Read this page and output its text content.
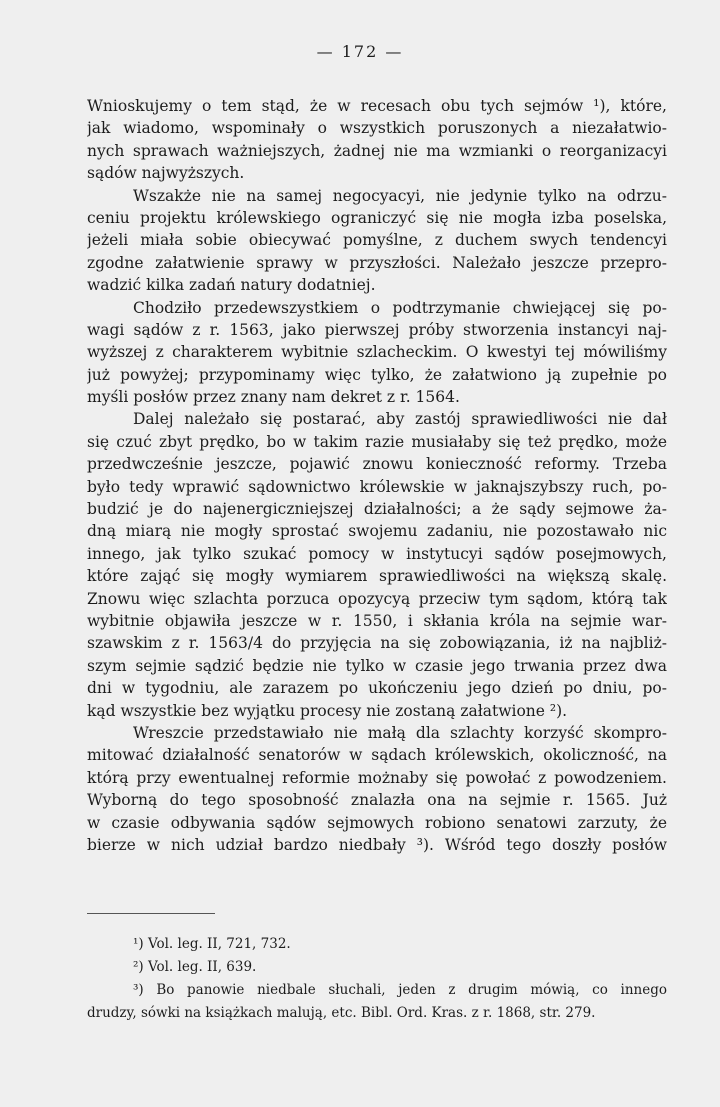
— 172 —
Wnioskujemy o tem stąd, że w recesach obu tych sejmów ¹), które,
jak wiadomo, wspominały o wszystkich poruszonych a niezałatwio-
nych sprawach ważniejszych, żadnej nie ma wzmianki o reorganizacyi
sądów najwyższych.
Wszakże nie na samej negocyacyi, nie jedynie tylko na odrzu-
ceniu projektu królewskiego ograniczyć się nie mogła izba poselska,
jeżeli miała sobie obiecywać pomyślne, z duchem swych tendencyi
zgodne załatwienie sprawy w przyszłości. Należało jeszcze przepro-
wadzić kilka zadań natury dodatniej.
Chodziło przedewszystkiem o podtrzymanie chwiejącej się po-
wagi sądów z r. 1563, jako pierwszej próby stworzenia instancyi naj-
wyższej z charakterem wybitnie szlacheckim. O kwestyi tej mówiliśmy
już powyżej; przypominamy więc tylko, że załatwiono ją zupełnie po
myśli posłów przez znany nam dekret z r. 1564.
Dalej należało się postarać, aby zastój sprawiedliwości nie dał
się czuć zbyt prędko, bo w takim razie musiałaby się też prędko, może
przedwcześnie jeszcze, pojawić znowu konieczność reformy. Trzeba
było tedy wprawić sądownictwo królewskie w jaknajszybszy ruch, po-
budzić je do najenergiczniejszej działalności; a że sądy sejmowe ża-
dną miarą nie mogły sprostać swojemu zadaniu, nie pozostawało nic
innego, jak tylko szukać pomocy w instytucyi sądów posejmowych,
które zająć się mogły wymiarem sprawiedliwości na większą skalę.
Znowu więc szlachta porzuca opozycyą przeciw tym sądom, którą tak
wybitnie objawiła jeszcze w r. 1550, i skłania króla na sejmie war-
szawskim z r. 1563/4 do przyjęcia na się zobowiązania, iż na najbliż-
szym sejmie sądzić będzie nie tylko w czasie jego trwania przez dwa
dni w tygodniu, ale zarazem po ukończeniu jego dzień po dniu, po-
kąd wszystkie bez wyjątku procesy nie zostaną załatwione ²).
Wreszcie przedstawiało nie małą dla szlachty korzyść skompro-
mitować działalność senatorów w sądach królewskich, okoliczność, na
którą przy ewentualnej reformie możnaby się powołać z powodzeniem.
Wyborną do tego sposobność znalazła ona na sejmie r. 1565. Już
w czasie odbywania sądów sejmowych robiono senatowi zarzuty, że
bierze w nich udział bardzo niedbały ³). Wśród tego doszły posłów
¹) Vol. leg. II, 721, 732.
²) Vol. leg. II, 639.
³) Bo panowie niedbale słuchali, jeden z drugim mówią, co innego
drudzy, sówki na książkach malują, etc. Bibl. Ord. Kras. z r. 1868, str. 279.
